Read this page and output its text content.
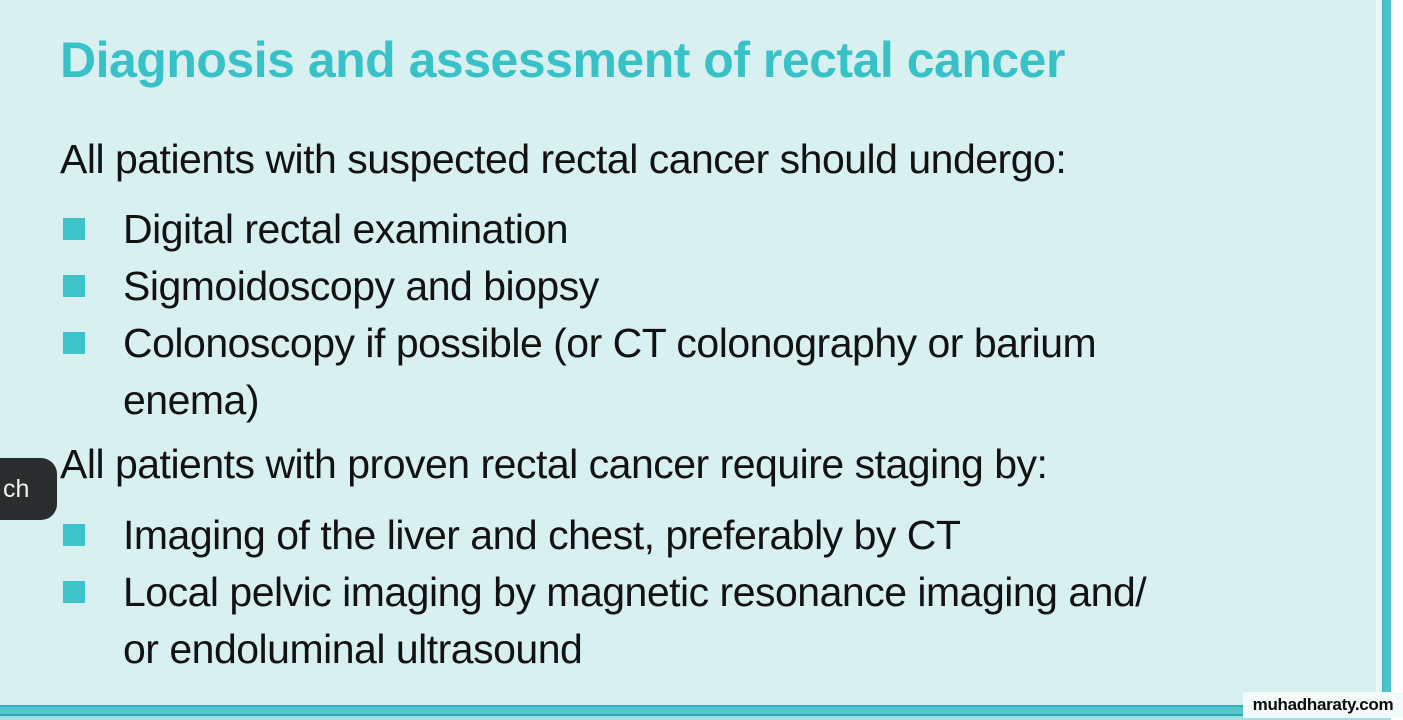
Diagnosis and assessment of rectal cancer

All patients with suspected rectal cancer should undergo:

Digital rectal examination
Sigmoidoscopy and biopsy
Colonoscopy if possible (or CT colonography or barium
enema)

All patients with proven rectal cancer require staging by:

Imaging of the liver and chest, preferably by CT
Local pelvic imaging by magnetic resonance imaging and/
or endoluminal ultrasound
muhadharaty.com
ch
